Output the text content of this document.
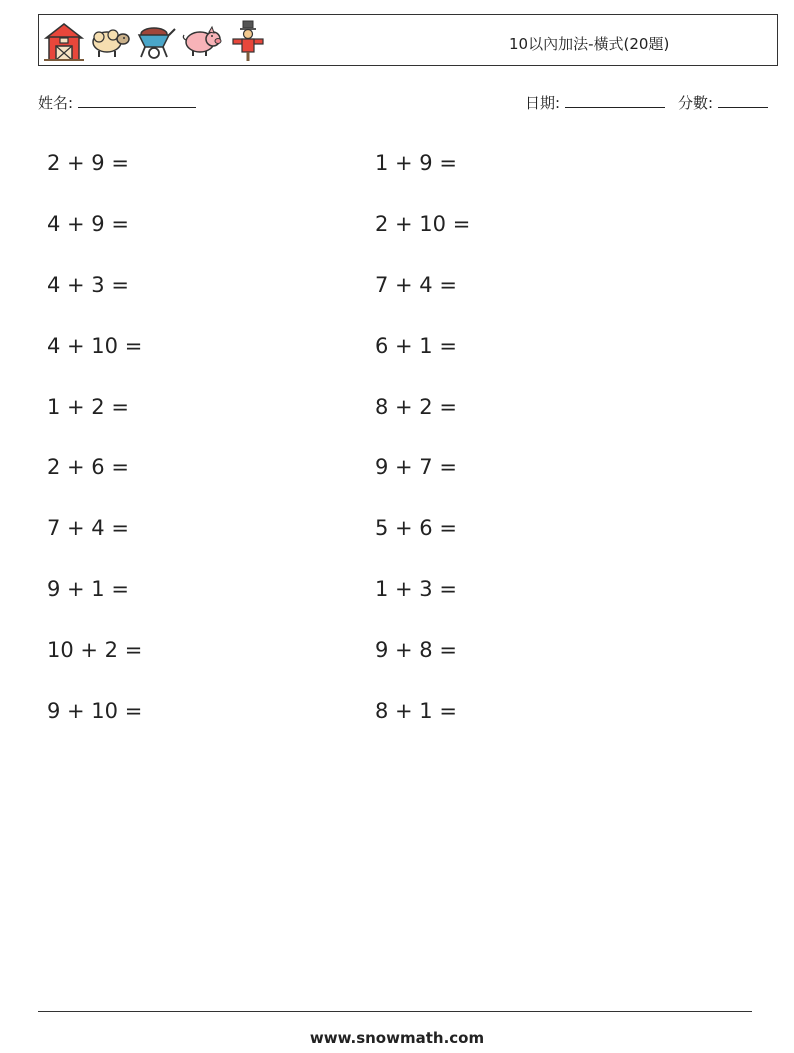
10以內加法-橫式(20題)
姓名:	日期:	分數:
2 + 9 =
4 + 9 =
4 + 3 =
4 + 10 =
1 + 2 =
2 + 6 =
7 + 4 =
9 + 1 =
10 + 2 =
9 + 10 =
1 + 9 =
2 + 10 =
7 + 4 =
6 + 1 =
8 + 2 =
9 + 7 =
5 + 6 =
1 + 3 =
9 + 8 =
8 + 1 =
www.snowmath.com
